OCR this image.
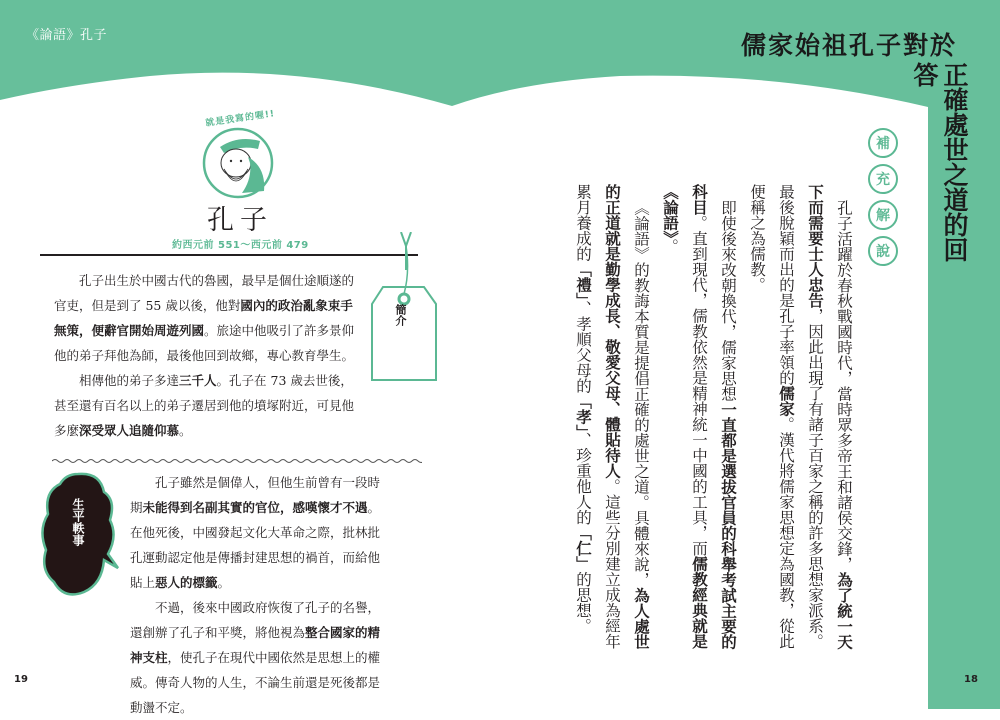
《論語》孔子	儒家始祖孔子對於
正確處世之道的回答
就是我寫的喔!!
孔子
約西元前 551～西元前 479
簡介

孔子出生於中國古代的魯國，最早是個仕途順遂的官吏，但是到了 55 歲以後，他對國內的政治亂象束手無策，便辭官開始周遊列國。旅途中他吸引了許多景仰他的弟子拜他為師，最後他回到故鄉，專心教育學生。

相傳他的弟子多達三千人。孔子在 73 歲去世後，甚至還有百名以上的弟子遷居到他的墳塚附近，可見他多麼深受眾人追隨仰慕。

生平軼事

孔子雖然是個偉人，但他生前曾有一段時期未能得到名副其實的官位，感嘆懷才不遇。在他死後，中國發起文化大革命之際，批林批孔運動認定他是傳播封建思想的禍首，而給他貼上惡人的標籤。

不過，後來中國政府恢復了孔子的名譽，還創辦了孔子和平獎，將他視為整合國家的精神支柱，使孔子在現代中國依然是思想上的權威。傳奇人物的人生，不論生前還是死後都是動盪不定。

19
補
充
解
說

孔子活躍於春秋戰國時代，當時眾多帝王和諸侯交鋒，為了統一天下而需要士人忠告，因此出現了有諸子百家之稱的許多思想家派系。最後脫穎而出的是孔子率領的儒家。漢代將儒家思想定為國教，從此便稱之為儒教。

即使後來改朝換代，儒家思想一直都是選拔官員的科舉考試主要的科目。直到現代，儒教依然是精神統一中國的工具，而儒教經典就是《論語》。

《論語》的教誨本質是提倡正確的處世之道。具體來說，為人處世的正道就是勤學成長、敬愛父母、體貼待人。這些分別建立成為經年累月養成的「禮」、孝順父母的「孝」、珍重他人的「仁」的思想。

18
